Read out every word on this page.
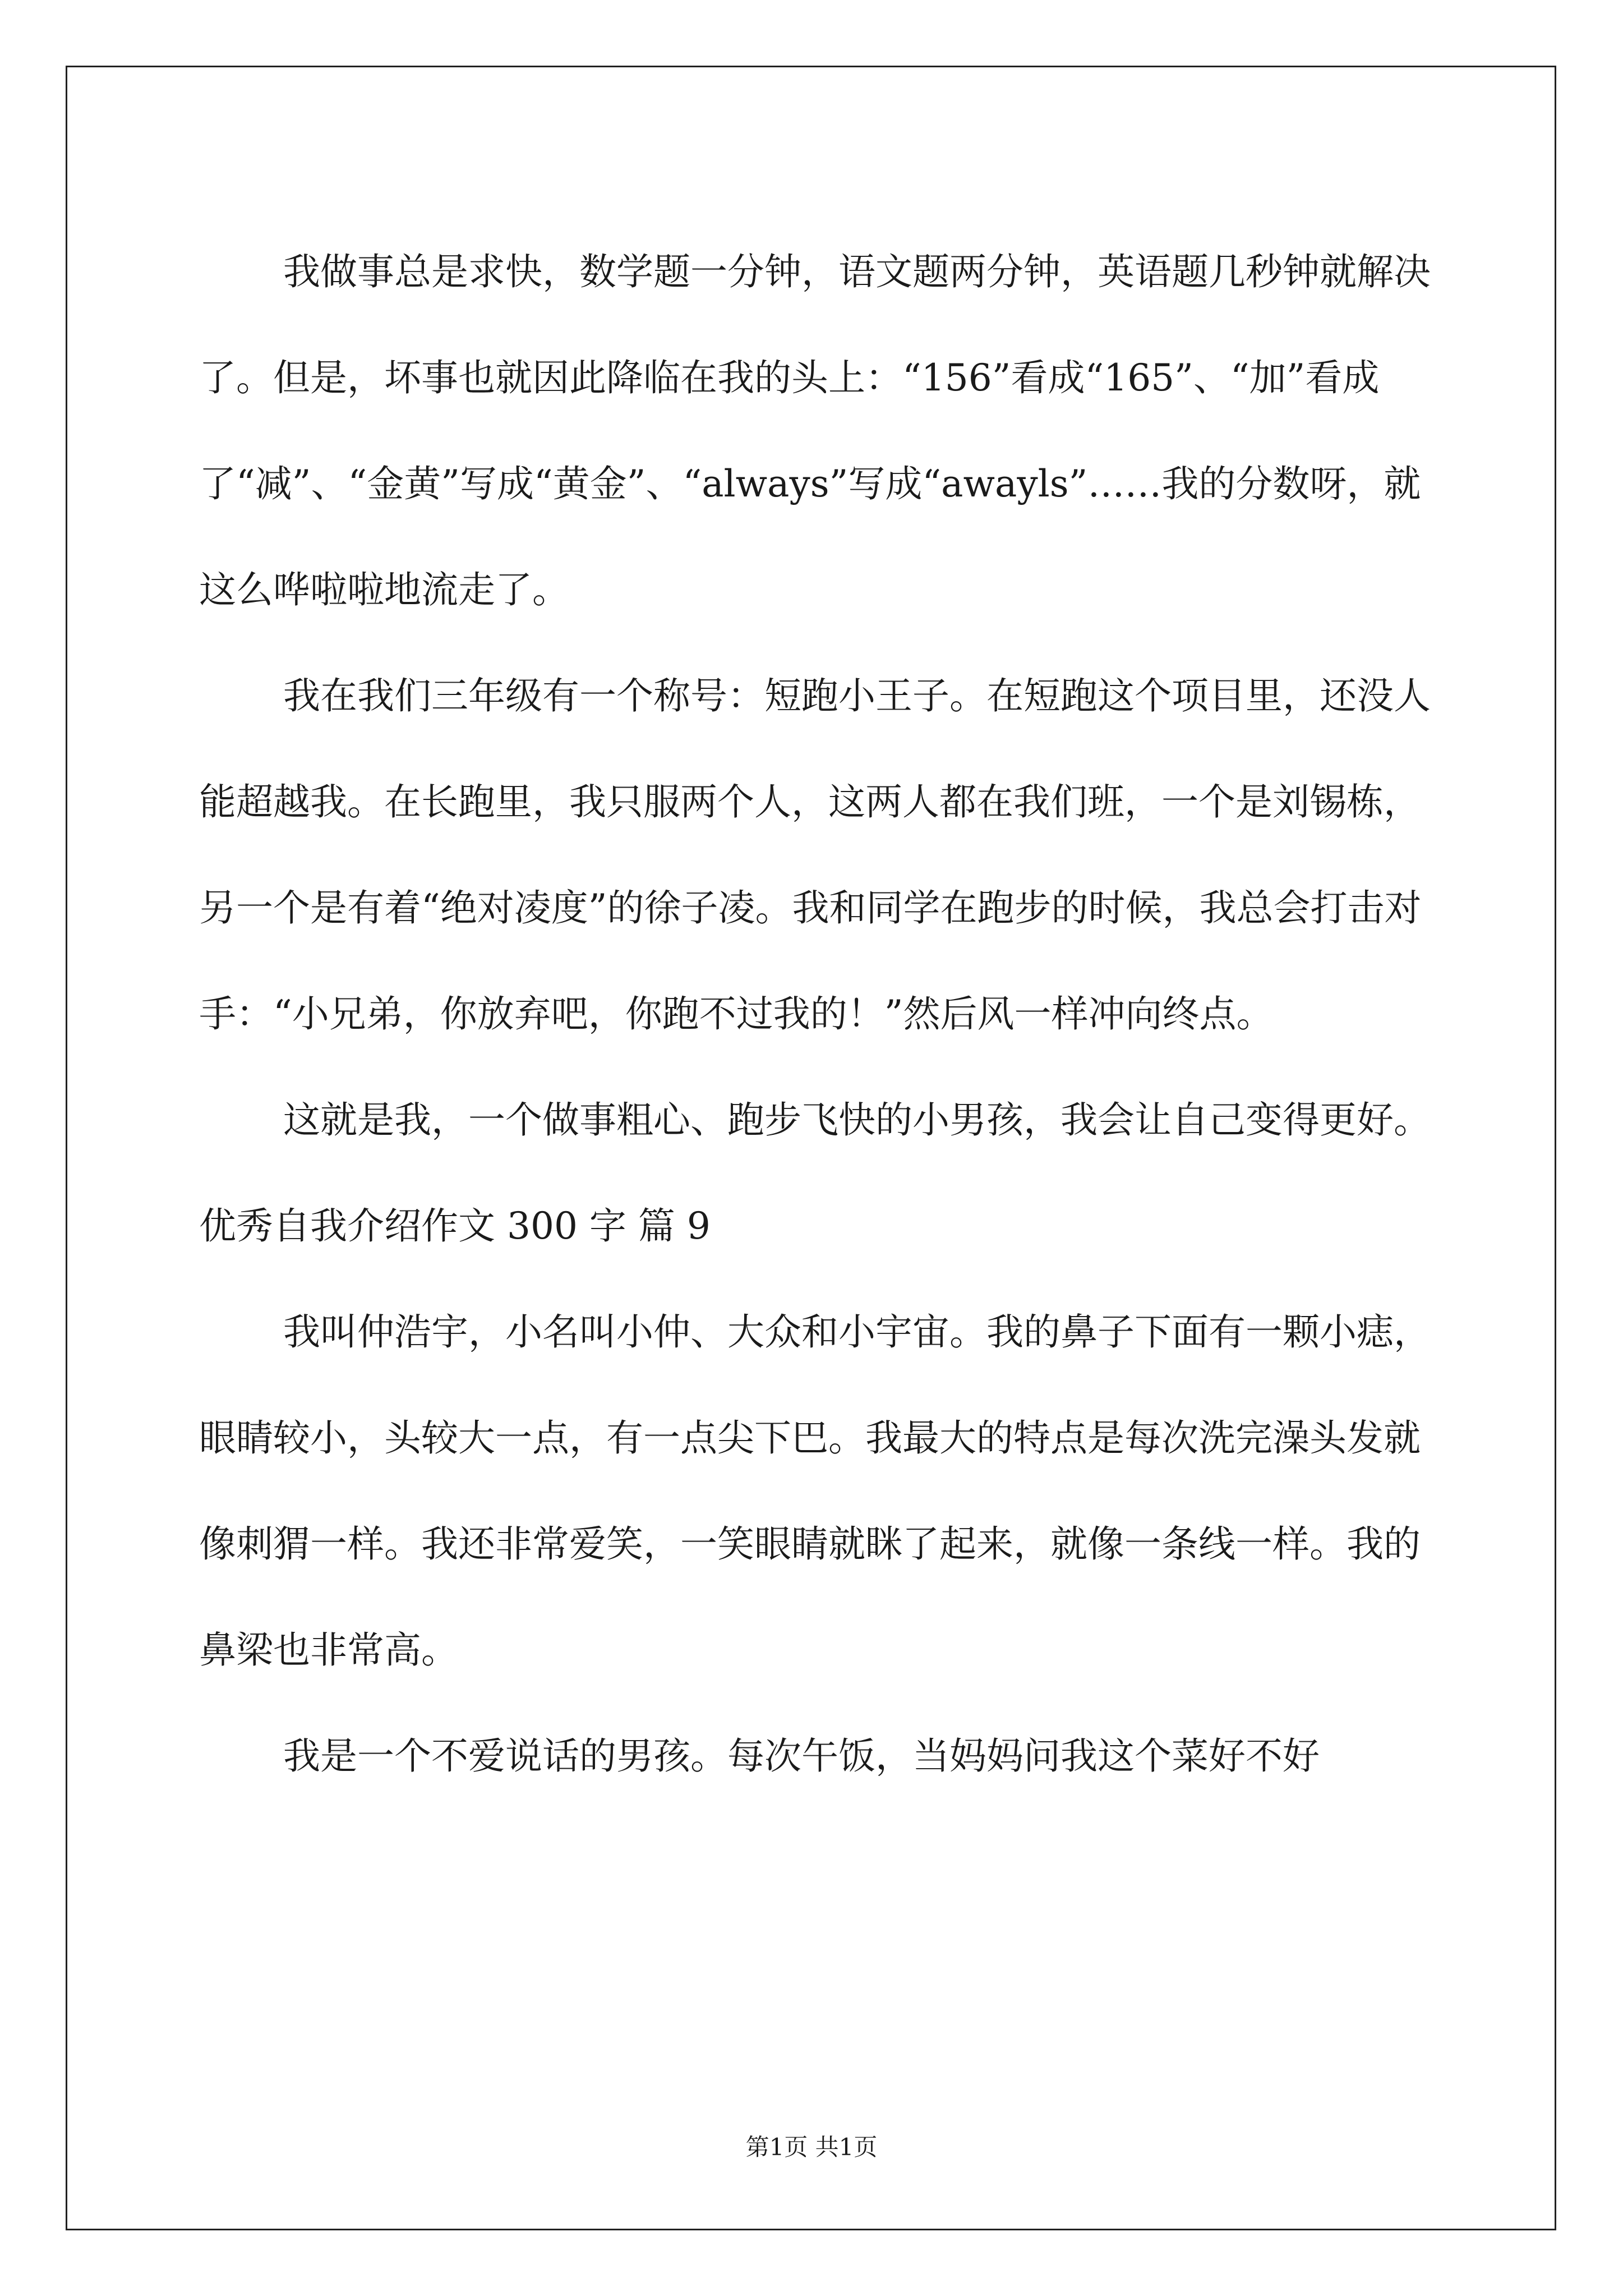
我做事总是求快，数学题一分钟，语文题两分钟，英语题几秒钟就解决了。但是，坏事也就因此降临在我的头上：“156”看成“165”、“加”看成了“减”、“金黄”写成“黄金”、“always”写成“awayls”……我的分数呀，就这么哗啦啦地流走了。

我在我们三年级有一个称号：短跑小王子。在短跑这个项目里，还没人能超越我。在长跑里，我只服两个人，这两人都在我们班，一个是刘锡栋，另一个是有着“绝对凌度”的徐子凌。我和同学在跑步的时候，我总会打击对手：“小兄弟，你放弃吧，你跑不过我的！”然后风一样冲向终点。

这就是我，一个做事粗心、跑步飞快的小男孩，我会让自己变得更好。

优秀自我介绍作文 300 字 篇 9

我叫仲浩宇，小名叫小仲、大众和小宇宙。我的鼻子下面有一颗小痣，眼睛较小，头较大一点，有一点尖下巴。我最大的特点是每次洗完澡头发就像刺猬一样。我还非常爱笑，一笑眼睛就眯了起来，就像一条线一样。我的鼻梁也非常高。

我是一个不爱说话的男孩。每次午饭，当妈妈问我这个菜好不好

第1页 共1页
